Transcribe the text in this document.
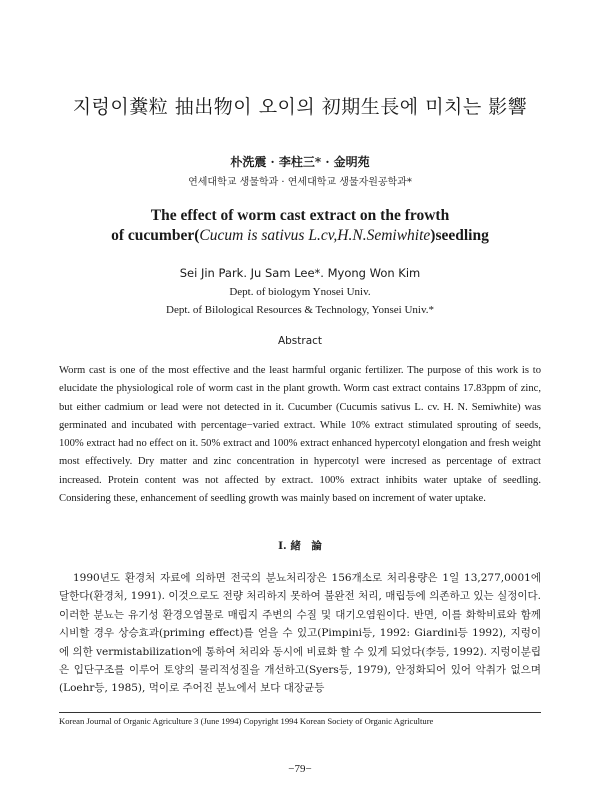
지렁이糞粒 抽出物이 오이의 初期生長에 미치는 影響
朴洗震 · 李柱三* · 金明苑
연세대학교 생물학과 · 연세대학교 생물자원공학과*
The effect of worm cast extract on the frowth
of cucumber(Cucum is sativus L.cv,H.N.Semiwhite)seedling
Sei Jin Park. Ju Sam Lee*. Myong Won Kim
Dept. of biologym Ynosei Univ.
Dept. of Bilological Resources & Technology, Yonsei Univ.*
Abstract

Worm cast is one of the most effective and the least harmful organic fertilizer. The purpose of this work is to elucidate the physiological role of worm cast in the plant growth. Worm cast extract contains 17.83ppm of zinc, but either cadmium or lead were not detected in it. Cucumber (Cucumis sativus L. cv. H. N. Semiwhite) was germinated and incubated with percentage−varied extract. While 10% extract stimulated sprouting of seeds, 100% extract had no effect on it. 50% extract and 100% extract enhanced hypercotyl elongation and fresh weight most effectively. Dry matter and zinc concentration in hypercotyl were incresed as percentage of extract increased. Protein content was not affected by extract. 100% extract inhibits water uptake of seedling. Considering these, enhancement of seedling growth was mainly based on increment of water uptake.

Ⅰ. 緒　論

1990년도 환경처 자료에 의하면 전국의 분뇨처리장은 156개소로 처리용량은 1일 13,277,0001에 달한다(환경처, 1991). 이것으로도 전량 처리하지 못하여 불완전 처리, 매립등에 의존하고 있는 실정이다. 이러한 분뇨는 유기성 환경오염물로 매립지 주변의 수질 및 대기오염원이다. 반면, 이를 화학비료와 함께 시비할 경우 상승효과(priming effect)를 얻을 수 있고(Pimpini등, 1992: Giardini등 1992), 지렁이에 의한 vermistabilization에 통하여 처리와 동시에 비료화 할 수 있게 되었다(李등, 1992). 지렁이분립은 입단구조를 이루어 토양의 물리적성질을 개선하고(Syers등, 1979), 안정화되어 있어 악취가 없으며(Loehr등, 1985), 먹이로 주어진 분뇨에서 보다 대장균등

Korean Journal of Organic Agriculture 3 (June 1994) Copyright 1994 Korean Society of Organic Agriculture
−79−
